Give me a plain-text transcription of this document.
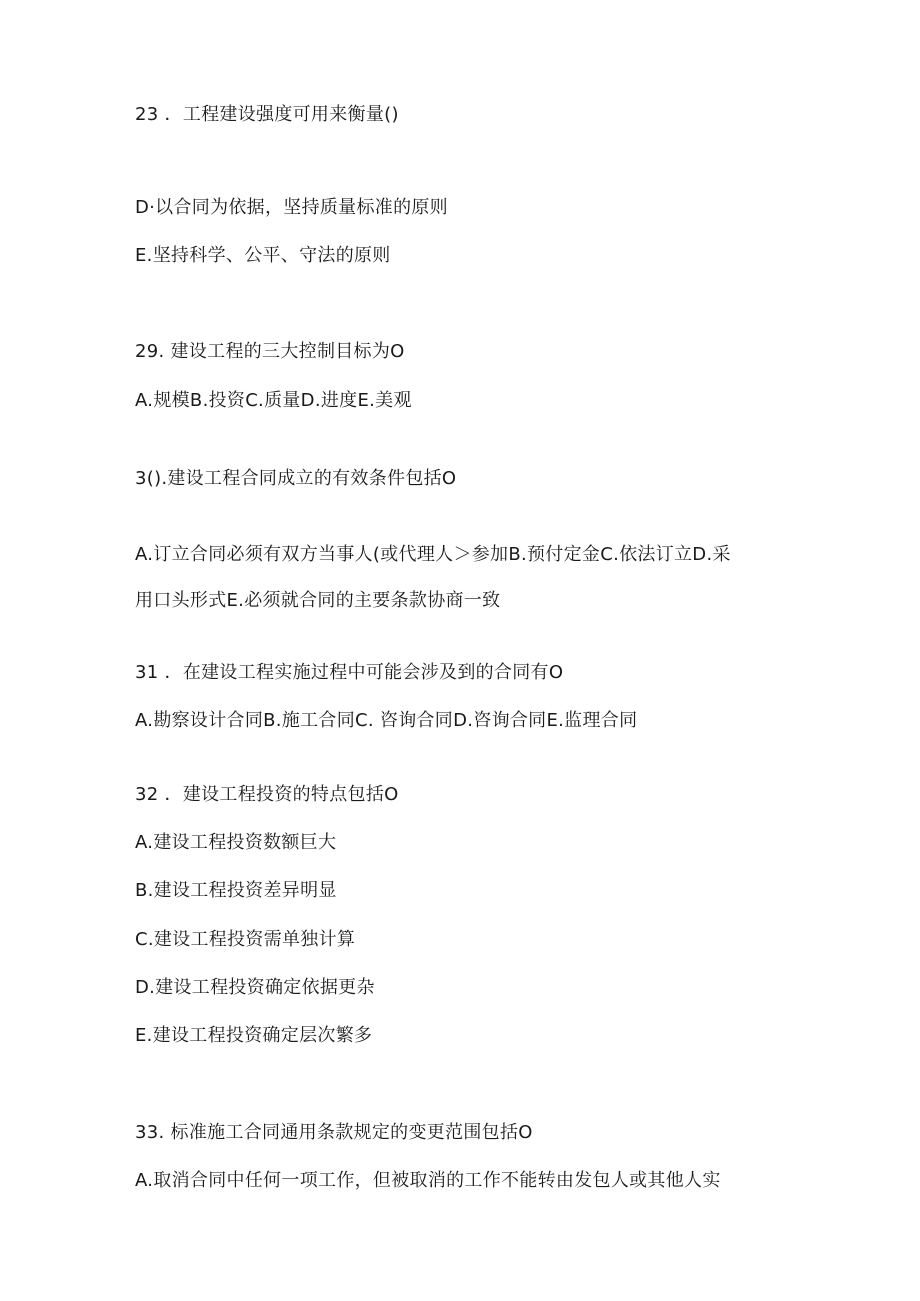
23 ．工程建设强度可用来衡量()
D·以合同为依据，坚持质量标准的原则
E.坚持科学、公平、守法的原则
29. 建设工程的三大控制目标为O
A.规模B.投资C.质量D.进度E.美观
3().建设工程合同成立的有效条件包括O
A.订立合同必须有双方当事人(或代理人＞参加B.预付定金C.依法订立D.采
用口头形式E.必须就合同的主要条款协商一致
31 ．在建设工程实施过程中可能会涉及到的合同有O
A.勘察设计合同B.施工合同C. 咨询合同D.咨询合同E.监理合同
32 ．建设工程投资的特点包括O
A.建设工程投资数额巨大
B.建设工程投资差异明显
C.建设工程投资需单独计算
D.建设工程投资确定依据更杂
E.建设工程投资确定层次繁多
33. 标准施工合同通用条款规定的变更范围包括O
A.取消合同中任何一项工作，但被取消的工作不能转由发包人或其他人实
